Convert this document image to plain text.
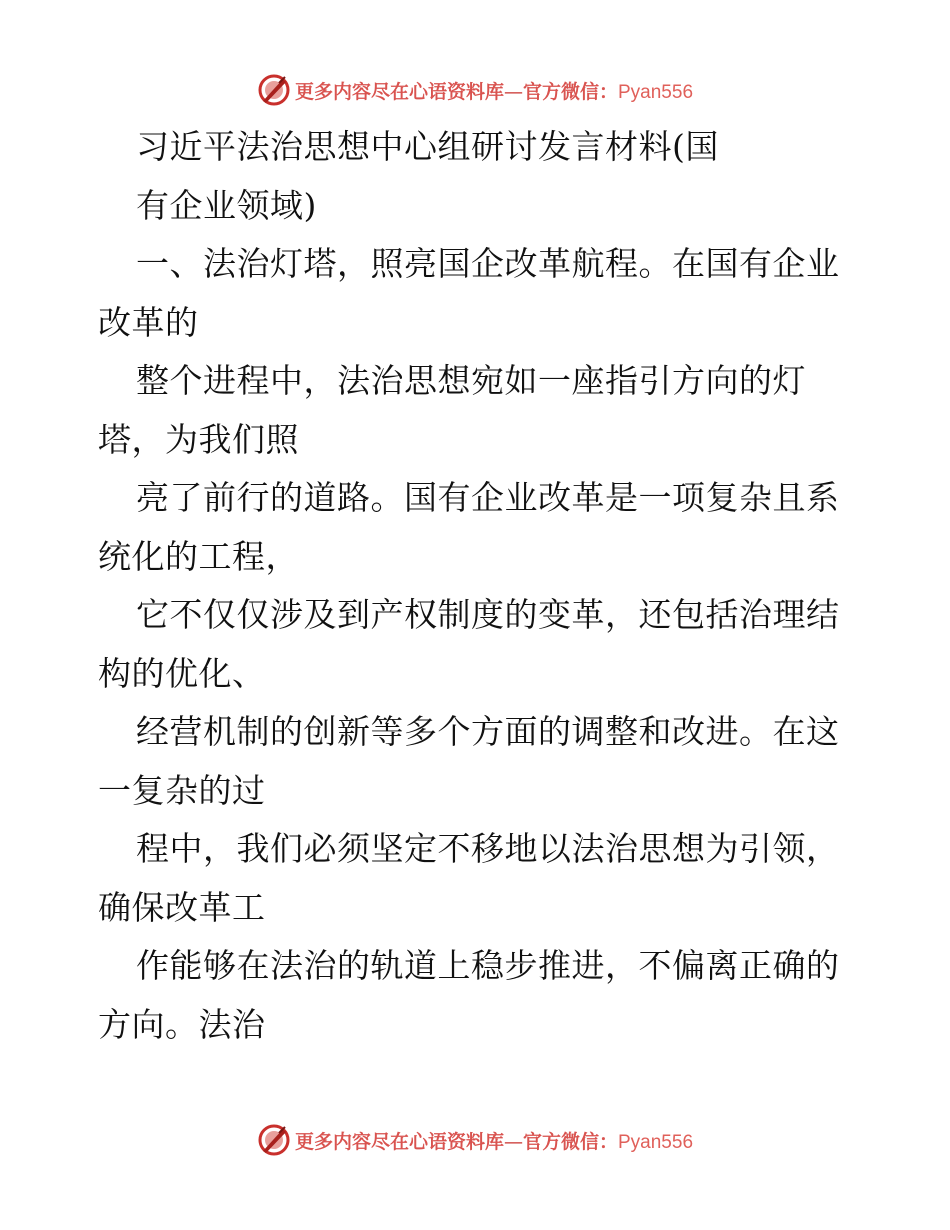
更多内容尽在心语资料库—官方微信：Pyan556
习近平法治思想中心组研讨发言材料(国
有企业领域)
一、法治灯塔，照亮国企改革航程。在国有企业
改革的
整个进程中，法治思想宛如一座指引方向的灯
塔，为我们照
亮了前行的道路。国有企业改革是一项复杂且系
统化的工程，
它不仅仅涉及到产权制度的变革，还包括治理结
构的优化、
经营机制的创新等多个方面的调整和改进。在这
一复杂的过
程中，我们必须坚定不移地以法治思想为引领，
确保改革工
作能够在法治的轨道上稳步推进，不偏离正确的
方向。法治
更多内容尽在心语资料库—官方微信：Pyan556
